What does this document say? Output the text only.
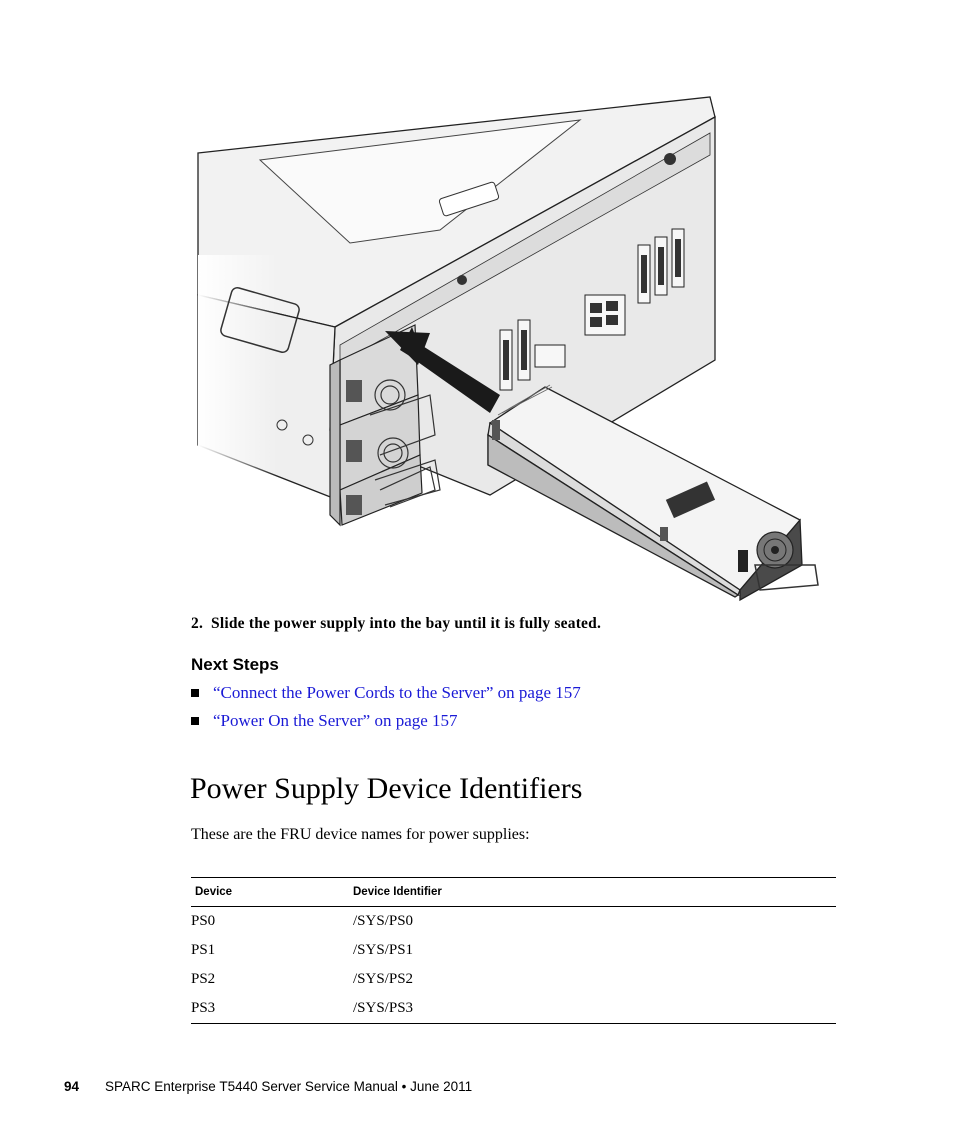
2. Slide the power supply into the bay until it is fully seated.
Next Steps
“Connect the Power Cords to the Server” on page 157
“Power On the Server” on page 157
Power Supply Device Identifiers
These are the FRU device names for power supplies:
Device	Device Identifier
PS0	/SYS/PS0
PS1	/SYS/PS1
PS2	/SYS/PS2
PS3	/SYS/PS3
94 SPARC Enterprise T5440 Server Service Manual • June 2011
